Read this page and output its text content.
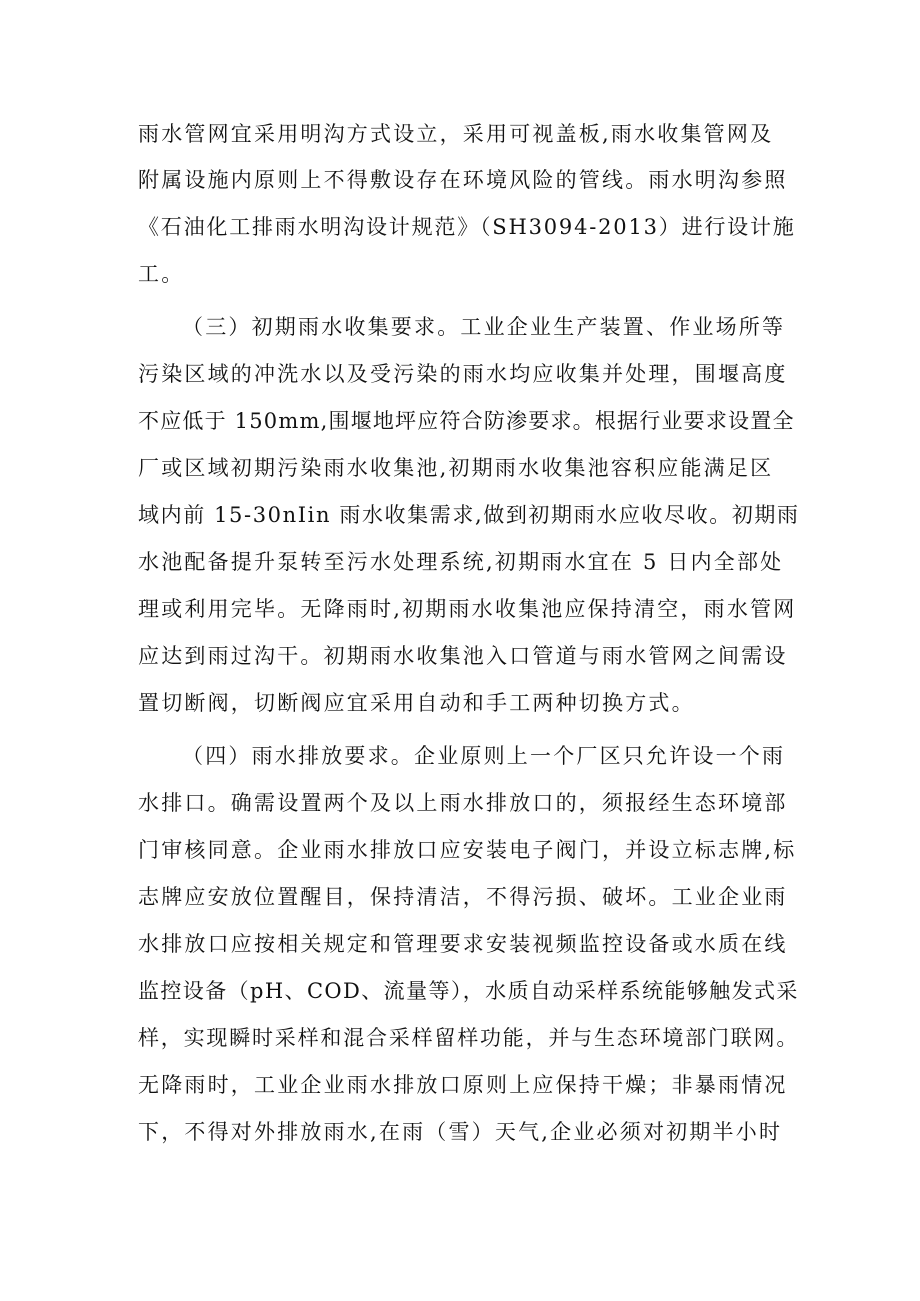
雨水管网宜采用明沟方式设立，采用可视盖板,雨水收集管网及
附属设施内原则上不得敷设存在环境风险的管线。雨水明沟参照
《石油化工排雨水明沟设计规范》（SH3094-2013）进行设计施
工。
（三）初期雨水收集要求。工业企业生产装置、作业场所等
污染区域的冲洗水以及受污染的雨水均应收集并处理，围堰高度
不应低于 150mm,围堰地坪应符合防渗要求。根据行业要求设置全
厂或区域初期污染雨水收集池,初期雨水收集池容积应能满足区
域内前 15-30nIin 雨水收集需求,做到初期雨水应收尽收。初期雨
水池配备提升泵转至污水处理系统,初期雨水宜在 5 日内全部处
理或利用完毕。无降雨时,初期雨水收集池应保持清空，雨水管网
应达到雨过沟干。初期雨水收集池入口管道与雨水管网之间需设
置切断阀，切断阀应宜采用自动和手工两种切换方式。
（四）雨水排放要求。企业原则上一个厂区只允许设一个雨
水排口。确需设置两个及以上雨水排放口的，须报经生态环境部
门审核同意。企业雨水排放口应安装电子阀门，并设立标志牌,标
志牌应安放位置醒目，保持清洁，不得污损、破坏。工业企业雨
水排放口应按相关规定和管理要求安装视频监控设备或水质在线
监控设备（pH、COD、流量等），水质自动采样系统能够触发式采
样，实现瞬时采样和混合采样留样功能，并与生态环境部门联网。
无降雨时，工业企业雨水排放口原则上应保持干燥；非暴雨情况
下，不得对外排放雨水,在雨（雪）天气,企业必须对初期半小时
